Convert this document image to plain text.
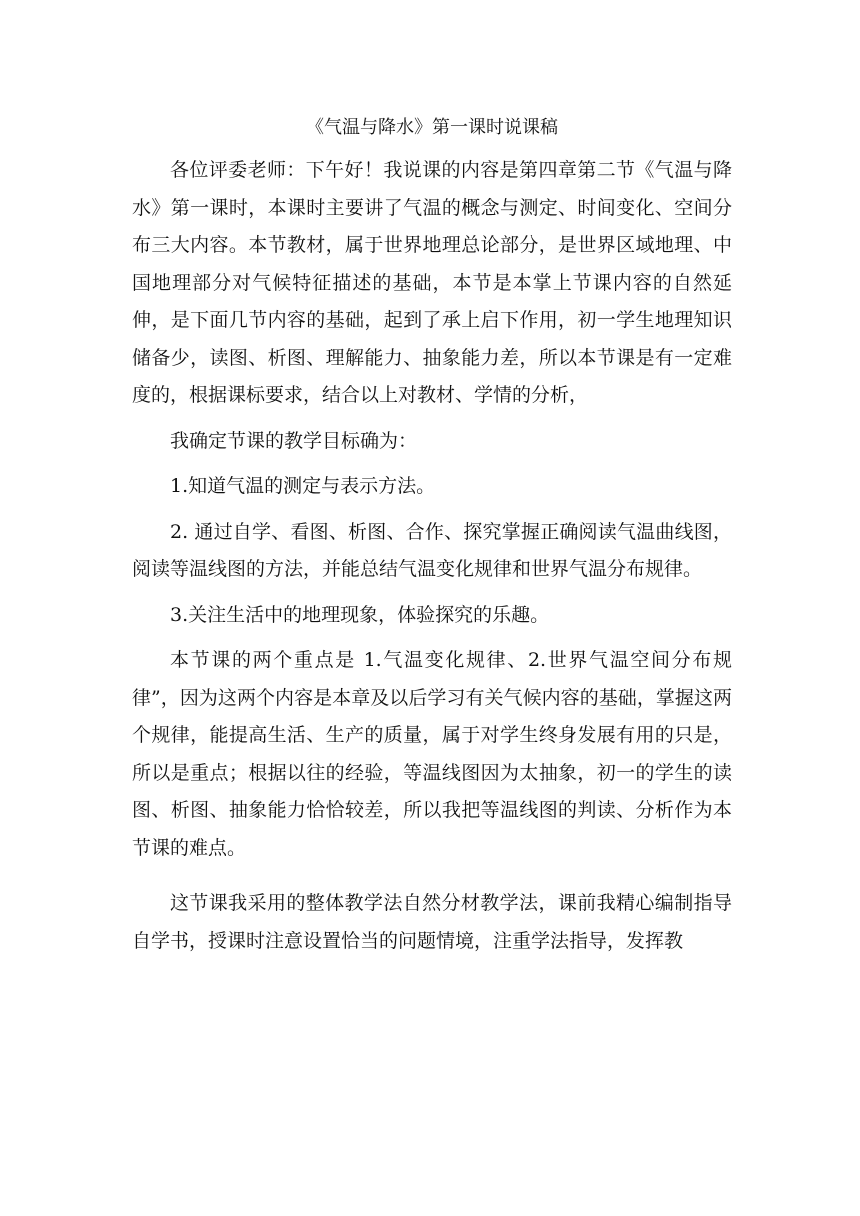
《气温与降水》第一课时说课稿

各位评委老师：下午好！我说课的内容是第四章第二节《气温与降水》第一课时，本课时主要讲了气温的概念与测定、时间变化、空间分布三大内容。本节教材，属于世界地理总论部分，是世界区域地理、中国地理部分对气候特征描述的基础，本节是本掌上节课内容的自然延伸，是下面几节内容的基础，起到了承上启下作用，初一学生地理知识储备少，读图、析图、理解能力、抽象能力差，所以本节课是有一定难度的，根据课标要求，结合以上对教材、学情的分析，

我确定节课的教学目标确为：

1.知道气温的测定与表示方法。

2. 通过自学、看图、析图、合作、探究掌握正确阅读气温曲线图，阅读等温线图的方法，并能总结气温变化规律和世界气温分布规律。

3.关注生活中的地理现象，体验探究的乐趣。

本节课的两个重点是 1.气温变化规律、2.世界气温空间分布规律”，因为这两个内容是本章及以后学习有关气候内容的基础，掌握这两个规律，能提高生活、生产的质量，属于对学生终身发展有用的只是，所以是重点；根据以往的经验，等温线图因为太抽象，初一的学生的读图、析图、抽象能力恰恰较差，所以我把等温线图的判读、分析作为本节课的难点。

这节课我采用的整体教学法自然分材教学法，课前我精心编制指导自学书，授课时注意设置恰当的问题情境，注重学法指导，发挥教
